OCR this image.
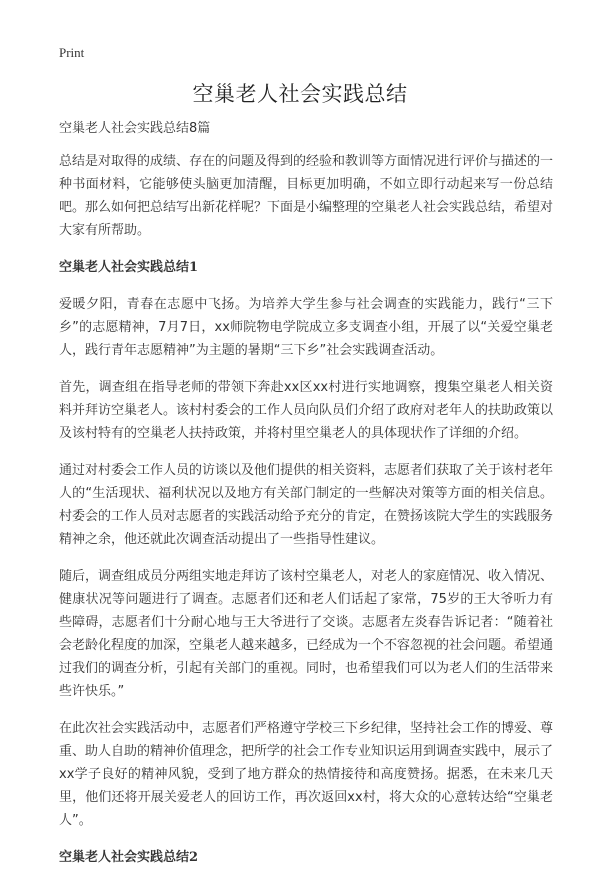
Print
空巢老人社会实践总结

空巢老人社会实践总结8篇

总结是对取得的成绩、存在的问题及得到的经验和教训等方面情况进行评价与描述的一种书面材料，它能够使头脑更加清醒，目标更加明确，不如立即行动起来写一份总结吧。那么如何把总结写出新花样呢？下面是小编整理的空巢老人社会实践总结，希望对大家有所帮助。

空巢老人社会实践总结1

爱暖夕阳，青春在志愿中飞扬。为培养大学生参与社会调查的实践能力，践行“三下乡”的志愿精神，7月7日，xx师院物电学院成立多支调查小组，开展了以“关爱空巢老人，践行青年志愿精神”为主题的暑期“三下乡”社会实践调查活动。

首先，调查组在指导老师的带领下奔赴xx区xx村进行实地调察，搜集空巢老人相关资料并拜访空巢老人。该村村委会的工作人员向队员们介绍了政府对老年人的扶助政策以及该村特有的空巢老人扶持政策，并将村里空巢老人的具体现状作了详细的介绍。

通过对村委会工作人员的访谈以及他们提供的相关资料，志愿者们获取了关于该村老年人的“生活现状、福利状况以及地方有关部门制定的一些解决对策等方面的相关信息。村委会的工作人员对志愿者的实践活动给予充分的肯定，在赞扬该院大学生的实践服务精神之余，他还就此次调查活动提出了一些指导性建议。

随后，调查组成员分两组实地走拜访了该村空巢老人，对老人的家庭情况、收入情况、健康状况等问题进行了调查。志愿者们还和老人们话起了家常，75岁的王大爷听力有些障碍，志愿者们十分耐心地与王大爷进行了交谈。志愿者左炎春告诉记者：“随着社会老龄化程度的加深，空巢老人越来越多，已经成为一个不容忽视的社会问题。希望通过我们的调查分析，引起有关部门的重视。同时，也希望我们可以为老人们的生活带来些许快乐。”

在此次社会实践活动中，志愿者们严格遵守学校三下乡纪律，坚持社会工作的博爱、尊重、助人自助的精神价值理念，把所学的社会工作专业知识运用到调查实践中，展示了xx学子良好的精神风貌，受到了地方群众的热情接待和高度赞扬。据悉，在未来几天里，他们还将开展关爱老人的回访工作，再次返回xx村，将大众的心意转达给“空巢老人”。

空巢老人社会实践总结2
